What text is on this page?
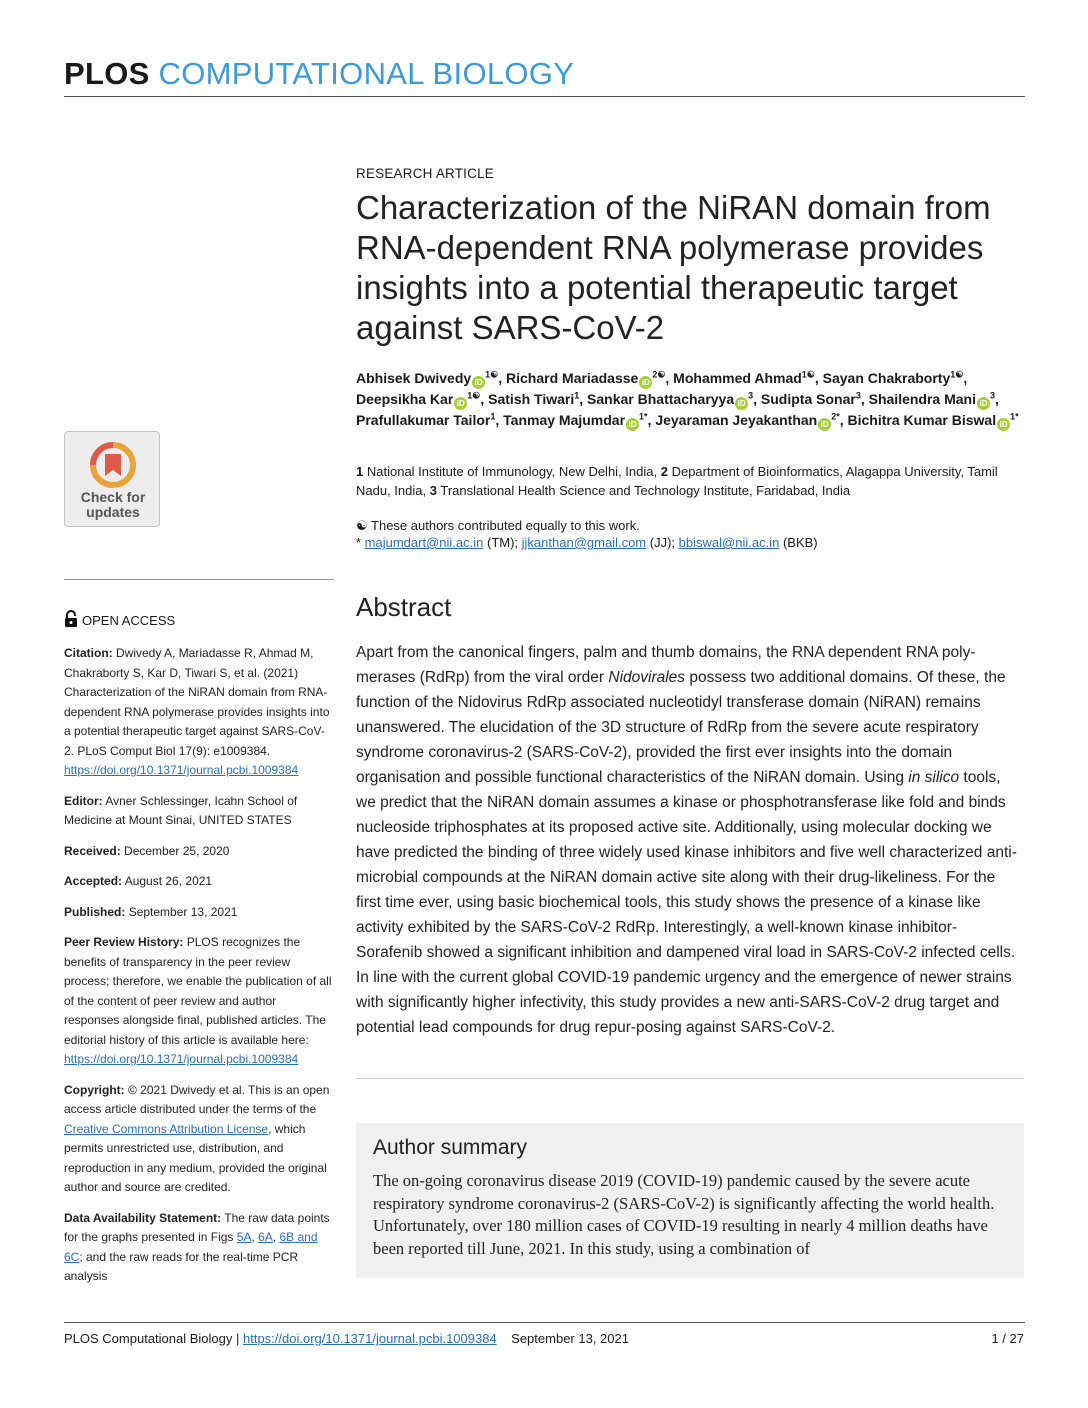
PLOS COMPUTATIONAL BIOLOGY
Check for updates
OPEN ACCESS

Citation: Dwivedy A, Mariadasse R, Ahmad M, Chakraborty S, Kar D, Tiwari S, et al. (2021) Characterization of the NiRAN domain from RNA-dependent RNA polymerase provides insights into a potential therapeutic target against SARS-CoV-2. PLoS Comput Biol 17(9): e1009384. https://doi.org/10.1371/journal.pcbi.1009384

Editor: Avner Schlessinger, Icahn School of Medicine at Mount Sinai, UNITED STATES

Received: December 25, 2020

Accepted: August 26, 2021

Published: September 13, 2021

Peer Review History: PLOS recognizes the benefits of transparency in the peer review process; therefore, we enable the publication of all of the content of peer review and author responses alongside final, published articles. The editorial history of this article is available here: https://doi.org/10.1371/journal.pcbi.1009384

Copyright: © 2021 Dwivedy et al. This is an open access article distributed under the terms of the Creative Commons Attribution License, which permits unrestricted use, distribution, and reproduction in any medium, provided the original author and source are credited.

Data Availability Statement: The raw data points for the graphs presented in Figs 5A, 6A, 6B and 6C; and the raw reads for the real-time PCR analysis

RESEARCH ARTICLE
Characterization of the NiRAN domain from RNA-dependent RNA polymerase provides insights into a potential therapeutic target against SARS-CoV-2
Abhisek Dwivedy $iD^{1☯}$, Richard Mariadasse $iD^{2☯}$, Mohammed Ahmad$^{1☯}$, Sayan Chakraborty$^{1☯}$, Deepsikha Kar $iD^{1☯}$, Satish Tiwari$^1$, Sankar Bhattacharyya $iD^3$, Sudipta Sonar$^3$, Shailendra Mani $iD^3$, Prafullakumar Tailor$^1$, Tanmay Majumdar $iD^{1*}$, Jeyaraman Jeyakanthan $iD^{2*}$, Bichitra Kumar Biswal $iD^{1*}$
1 National Institute of Immunology, New Delhi, India, 2 Department of Bioinformatics, Alagappa University, Tamil Nadu, India, 3 Translational Health Science and Technology Institute, Faridabad, India
☯ These authors contributed equally to this work.
* majumdart@nii.ac.in (TM); jjkanthan@gmail.com (JJ); bbiswal@nii.ac.in (BKB)
Abstract
Apart from the canonical fingers, palm and thumb domains, the RNA dependent RNA poly-merases (RdRp) from the viral order Nidovirales possess two additional domains. Of these, the function of the Nidovirus RdRp associated nucleotidyl transferase domain (NiRAN) remains unanswered. The elucidation of the 3D structure of RdRp from the severe acute respiratory syndrome coronavirus-2 (SARS-CoV-2), provided the first ever insights into the domain organisation and possible functional characteristics of the NiRAN domain. Using in silico tools, we predict that the NiRAN domain assumes a kinase or phosphotransferase like fold and binds nucleoside triphosphates at its proposed active site. Additionally, using molecular docking we have predicted the binding of three widely used kinase inhibitors and five well characterized anti-microbial compounds at the NiRAN domain active site along with their drug-likeliness. For the first time ever, using basic biochemical tools, this study shows the presence of a kinase like activity exhibited by the SARS-CoV-2 RdRp. Interestingly, a well-known kinase inhibitor- Sorafenib showed a significant inhibition and dampened viral load in SARS-CoV-2 infected cells. In line with the current global COVID-19 pandemic urgency and the emergence of newer strains with significantly higher infectivity, this study provides a new anti-SARS-CoV-2 drug target and potential lead compounds for drug repur-posing against SARS-CoV-2.
Author summary
The on-going coronavirus disease 2019 (COVID-19) pandemic caused by the severe acute respiratory syndrome coronavirus-2 (SARS-CoV-2) is significantly affecting the world health. Unfortunately, over 180 million cases of COVID-19 resulting in nearly 4 million deaths have been reported till June, 2021. In this study, using a combination of
PLOS Computational Biology | https://doi.org/10.1371/journal.pcbi.1009384 September 13, 2021	1 / 27
